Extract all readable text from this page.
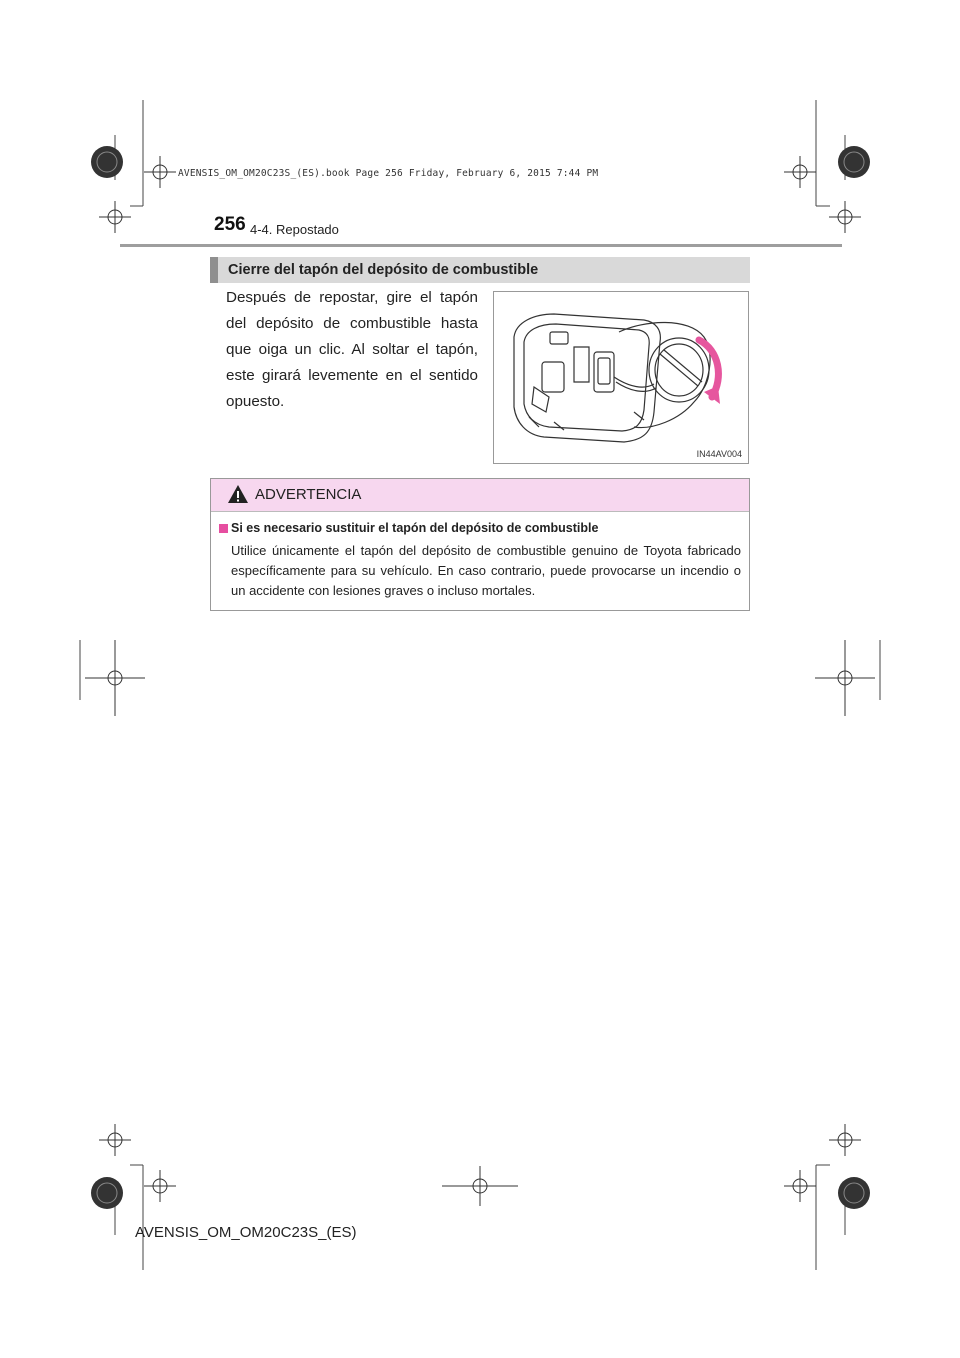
AVENSIS_OM_OM20C23S_(ES).book Page 256 Friday, February 6, 2015 7:44 PM
256 4-4. Repostado
Cierre del tapón del depósito de combustible
Después de repostar, gire el tapón del depósito de combustible hasta que oiga un clic. Al soltar el tapón, este girará levemente en el sentido opuesto.
IN44AV004
ADVERTENCIA
Si es necesario sustituir el tapón del depósito de combustible
Utilice únicamente el tapón del depósito de combustible genuino de Toyota fabricado específicamente para su vehículo. En caso contrario, puede provocarse un incendio o un accidente con lesiones graves o incluso mortales.
AVENSIS_OM_OM20C23S_(ES)
